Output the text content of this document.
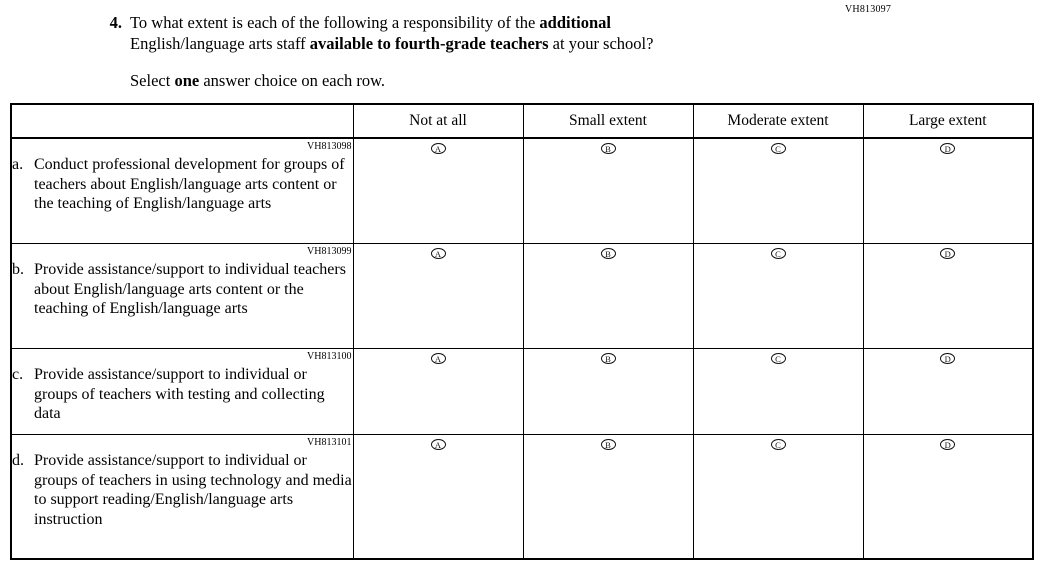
VH813097
4. To what extent is each of the following a responsibility of the additional
English/language arts staff available to fourth-grade teachers at your school?
Select one answer choice on each row.
	Not at all	Small extent	Moderate extent	Large extent

VH813098
a. Conduct professional development for groups of teachers about English/language arts content or the teaching of English/language arts	A	B	C	D

VH813099
b. Provide assistance/support to individual teachers about English/language arts content or the teaching of English/language arts	A	B	C	D

VH813100
c. Provide assistance/support to individual or groups of teachers with testing and collecting data	A	B	C	D

VH813101
d. Provide assistance/support to individual or groups of teachers in using technology and media to support reading/English/language arts instruction	A	B	C	D
